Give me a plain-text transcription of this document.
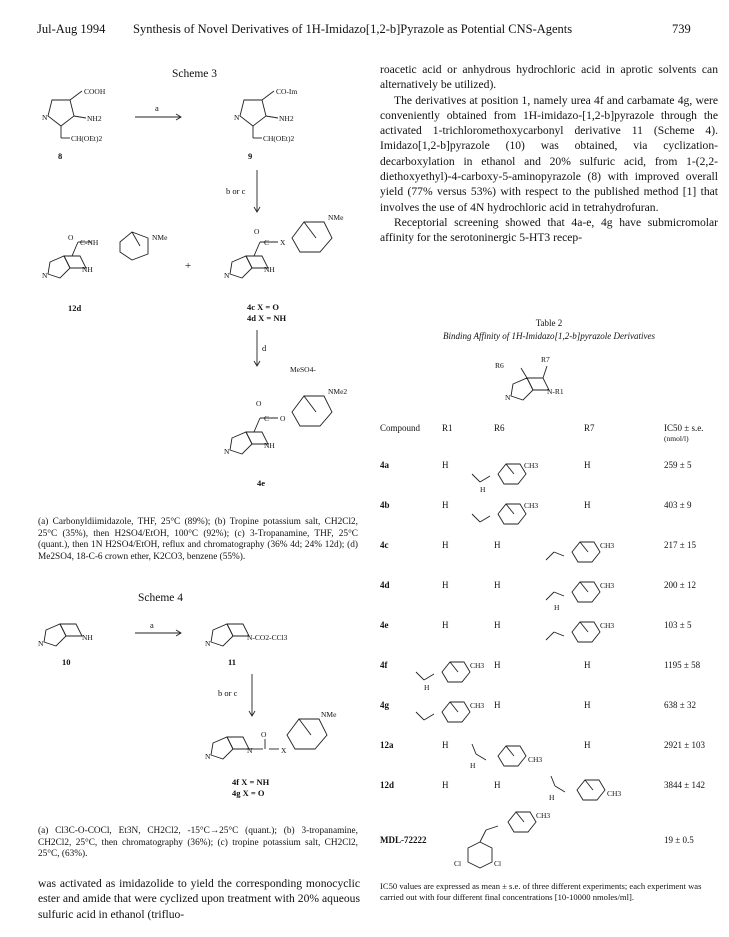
Jul-Aug 1994 Synthesis of Novel Derivatives of 1H-Imidazo[1,2-b]Pyrazole as Potential CNS-Agents	739
Scheme 3
COOH
NH2
CH(OEt)2
N
8
a
CO-Im
NH2
CH(OEt)2
N
9
b or c
O
C-NH
NMe
NH
N
12d
+
O
C X
NMe
NH
N
4c X = O
4d X = NH
d
MeSO4-
O
C O
NMe2
NH
N
4e
(a) Carbonyldiimidazole, THF, 25°C (89%); (b) Tropine potassium salt, CH2Cl2, 25°C (35%), then H2SO4/EtOH, 100°C (92%); (c) 3-Tropanamine, THF, 25°C (quant.), then 1N H2SO4/EtOH, reflux and chromatography (36% 4d; 24% 12d); (d) Me2SO4, 18-C-6 crown ether, K2CO3, benzene (55%).
Scheme 4
NH
N
10
a
N-CO2-CCl3
N
11
b or c
O
N	X
NMe
N
4f X = NH
4g X = O
(a) Cl3C-O-COCl, Et3N, CH2Cl2, -15°C→25°C (quant.); (b) 3-tropanamine, CH2Cl2, 25°C, then chromatography (36%); (c) tropine potassium salt, CH2Cl2, 25°C, (63%).

was activated as imidazolide to yield the corresponding monocyclic ester and amide that were cyclized upon treatment with 20% aqueous sulfuric acid in ethanol (trifluo-

roacetic acid or anhydrous hydrochloric acid in aprotic solvents can alternatively be utilized).

The derivatives at position 1, namely urea 4f and carbamate 4g, were conveniently obtained from 1H-imidazo-[1,2-b]pyrazole through the activated 1-trichloromethoxycarbonyl derivative 11 (Scheme 4). Imidazo[1,2-b]pyrazole (10) was obtained, via cyclization-decarboxylation in ethanol and 20% sulfuric acid, from 1-(2,2-diethoxyethyl)-4-carboxy-5-aminopyrazole (8) with improved overall yield (77% versus 53%) with respect to the published method [1] that involves the use of 4N hydrochloric acid in tetrahydrofuran.

Receptorial screening showed that 4a-e, 4g have submicromolar affinity for the serotoninergic 5-HT3 recep-

Table 2
Binding Affinity of 1H-Imidazo[1,2-b]pyrazole Derivatives
R6
R7
N-R1
N
Compound	R1	R6	R7	IC50 ± s.e.
(nmol/l)
4a	H		H	259 ± 5
4b	H		H	403 ± 9
4c	H	H		217 ± 15
4d	H	H		200 ± 12
4e	H	H		103 ± 5
4f		H	H	1195 ± 58
4g		H	H	638 ± 32
12a	H		H	2921 ± 103
12d	H	H		3844 ± 142
MDL-72222				19 ± 0.5
CH3
H
CH3
CH3
CH3
H
CH3
CH3
H
CH3
CH3
H
CH3
H
CH3
Cl	Cl
IC50 values are expressed as mean ± s.e. of three different experiments; each experiment was carried out with four different final concentrations [10-10000 nmoles/ml].
